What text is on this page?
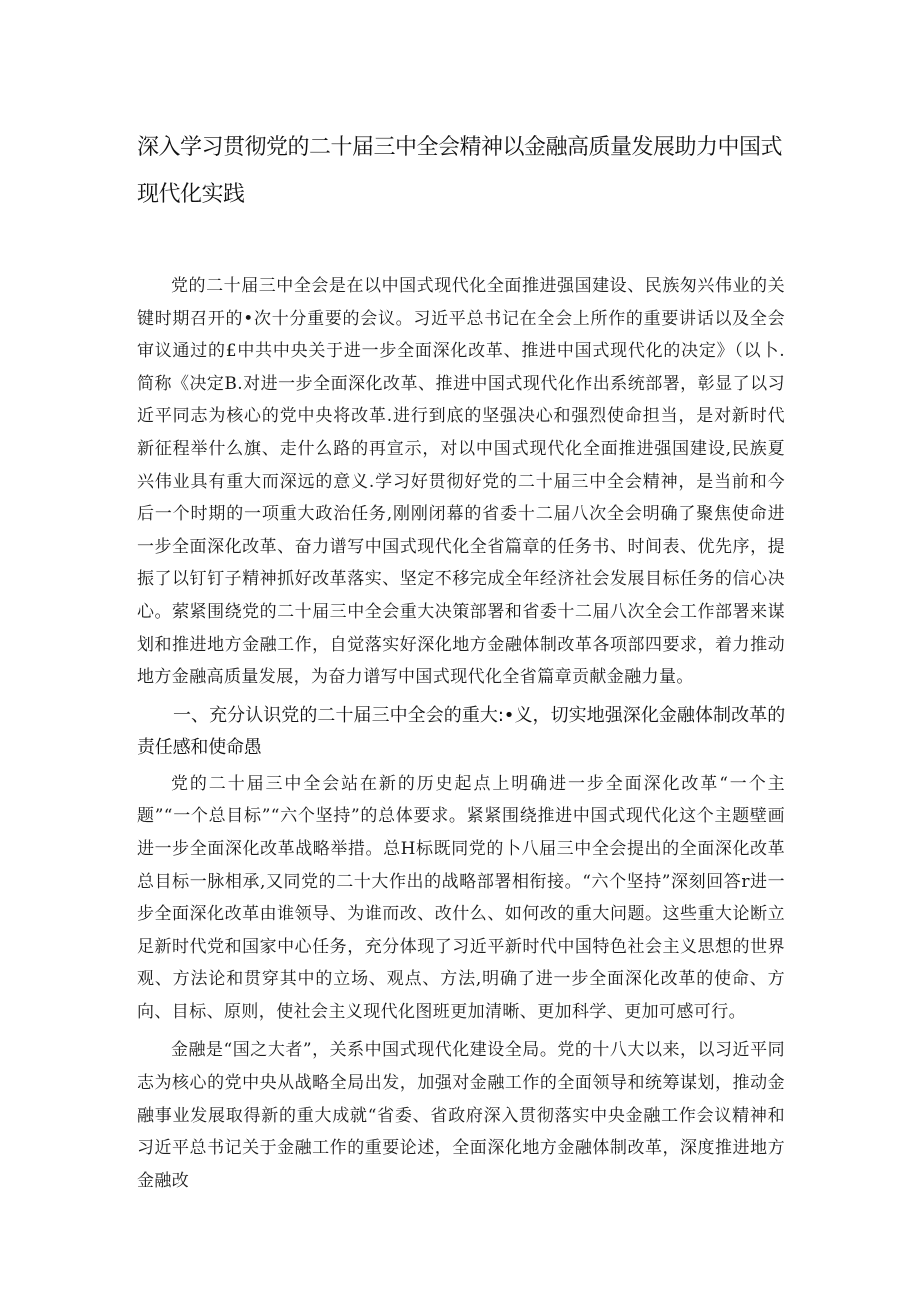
深入学习贯彻党的二十届三中全会精神以金融高质量发展助力中国式现代化实践

党的二十届三中全会是在以中国式现代化全面推进强国建设、民族匆兴伟业的关键时期召开的•次十分重要的会议。习近平总书记在全会上所作的重要讲话以及全会审议通过的£中共中央关于进一步全面深化改革、推进中国式现代化的决定》（以卜.简称《决定B.对进一步全面深化改革、推进中国式现代化作出系统部署，彰显了以习近平同志为核心的党中央将改革.进行到底的坚强决心和强烈使命担当，是对新时代新征程举什么旗、走什么路的再宣示，对以中国式现代化全面推进强国建设,民族夏兴伟业具有重大而深远的意义.学习好贯彻好党的二十届三中全会精神，是当前和今后一个时期的一项重大政治任务,刚刚闭幕的省委十二届八次全会明确了聚焦使命进一步全面深化改革、奋力谱写中国式现代化全省篇章的任务书、时间表、优先序，提振了以钉钉子精神抓好改革落实、坚定不移完成全年经济社会发展目标任务的信心决心。萦紧围绕党的二十届三中全会重大决策部署和省委十二届八次全会工作部署来谋划和推进地方金融工作，自觉落实好深化地方金融体制改革各项部四要求，着力推动地方金融高质量发展，为奋力谱写中国式现代化全省篇章贡献金融力量。

一、充分认识党的二十届三中全会的重大:•义，切实地强深化金融体制改革的责任感和使命愚

党的二十届三中全会站在新的历史起点上明确进一步全面深化改革“一个主题”“一个总目标”“六个坚持”的总体要求。紧紧围绕推进中国式现代化这个主题壁画进一步全面深化改革战略举措。总H标既同党的卜八届三中全会提出的全面深化改革总目标一脉相承,又同党的二十大作出的战略部署相衔接。“六个坚持”深刻回答r进一步全面深化改革由谁领导、为谁而改、改什么、如何改的重大问题。这些重大论断立足新时代党和国家中心任务，充分体现了习近平新时代中国特色社会主义思想的世界观、方法论和贯穿其中的立场、观点、方法,明确了进一步全面深化改革的使命、方向、目标、原则，使社会主义现代化图班更加清晰、更加科学、更加可感可行。

金融是“国之大者”，关系中国式现代化建设全局。党的十八大以来，以习近平同志为核心的党中央从战略全局出发，加强对金融工作的全面领导和统筹谋划，推动金融事业发展取得新的重大成就“省委、省政府深入贯彻落实中央金融工作会议精神和习近平总书记关于金融工作的重要论述，全面深化地方金融体制改革，深度推进地方金融改
